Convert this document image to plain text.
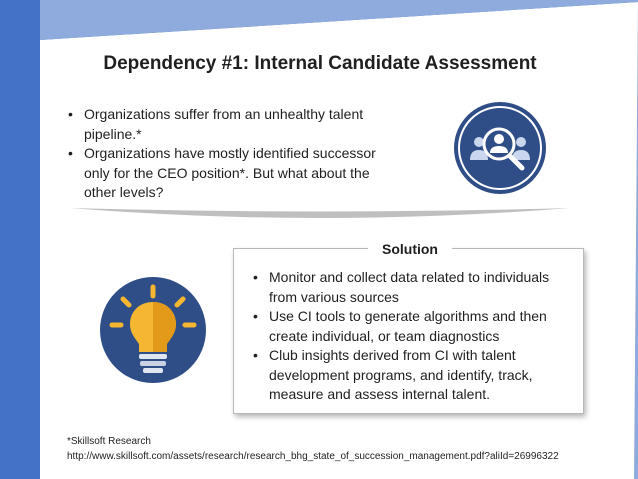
Dependency #1: Internal Candidate Assessment
• Organizations suffer from an unhealthy talent pipeline.*
• Organizations have mostly identified successor only for the CEO position*. But what about the other levels?
Solution
• Monitor and collect data related to individuals from various sources
• Use CI tools to generate algorithms and then create individual, or team diagnostics
• Club insights derived from CI with talent development programs, and identify, track, measure and assess internal talent.
*Skillsoft Research
http://www.skillsoft.com/assets/research/research_bhg_state_of_succession_management.pdf?aliId=26996322
